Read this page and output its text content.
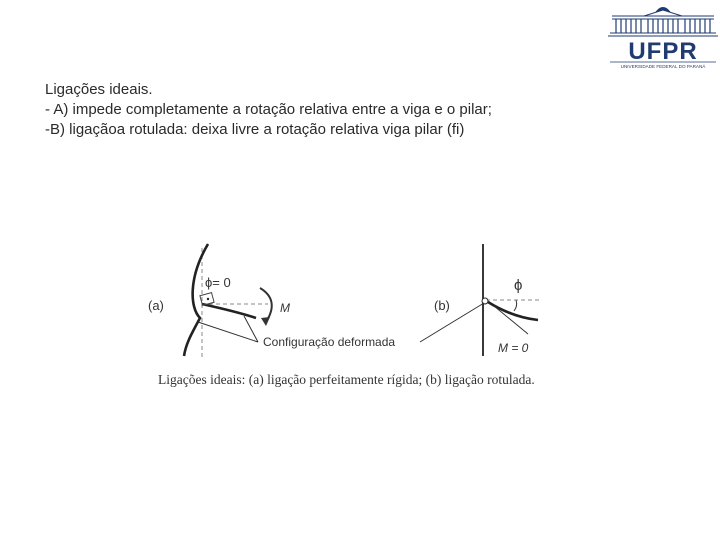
UFPR
UNIVERSIDADE FEDERAL DO PARANÁ
Ligações ideais.
- A) impede completamente a rotação relativa entre a viga e o pilar;
-B) ligaçãoa rotulada: deixa livre a rotação relativa viga pilar (fi)
(a)
ϕ= 0
M
Configuração deformada
(b)
ϕ
M = 0
Ligações ideais: (a) ligação perfeitamente rígida; (b) ligação rotulada.
